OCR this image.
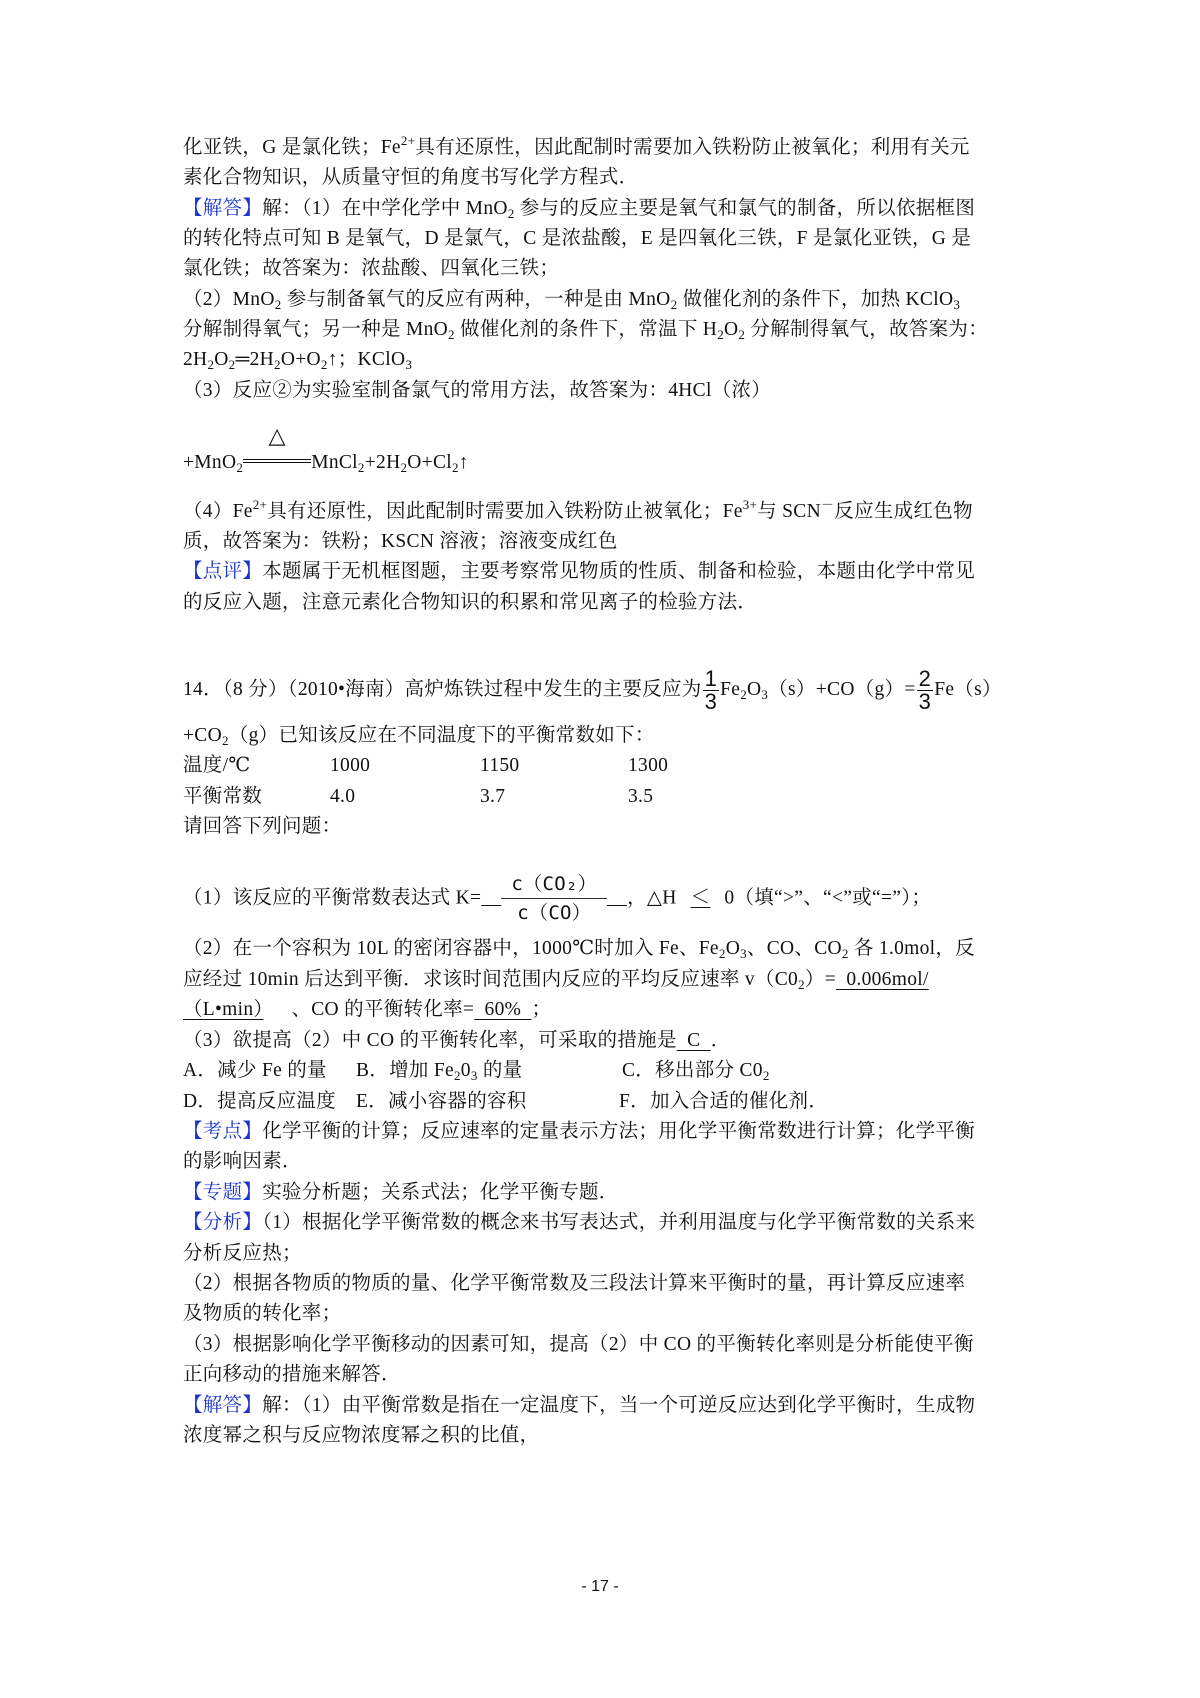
化亚铁，G 是氯化铁；$Fe^{2+}$具有还原性，因此配制时需要加入铁粉防止被氧化；利用有关元
素化合物知识，从质量守恒的角度书写化学方程式．
【解答】解：（1）在中学化学中 MnO$_2$ 参与的反应主要是氧气和氯气的制备，所以依据框图
的转化特点可知 B 是氧气，D 是氯气，C 是浓盐酸，E 是四氧化三铁，F 是氯化亚铁，G 是
氯化铁；故答案为：浓盐酸、四氧化三铁；
（2）MnO$_2$ 参与制备氧气的反应有两种，一种是由 MnO$_2$ 做催化剂的条件下，加热 KClO$_3$
分解制得氧气；另一种是 MnO$_2$ 做催化剂的条件下，常温下 $H_2O_2$ 分解制得氧气，故答案为：
$2H_2O_2═2H_2O+O_2↑$；KClO$_3$
（3）反应②为实验室制备氯气的常用方法，故答案为：4HCl（浓）
+MnO$_2$
△
$MnCl_2+2H_2O+Cl_2↑$
$(4)Fe^{2+}$具有还原性，因此配制时需要加入铁粉防止被氧化；$Fe^{3+}$与 SCN－反应生成红色物
质，故答案为：铁粉；KSCN 溶液；溶液变成红色
【点评】本题属于无机框图题，主要考察常见物质的性质、制备和检验，本题由化学中常见
的反应入题，注意元素化合物知识的积累和常见离子的检验方法．
14．（8 分）（2010•海南）高炉炼铁过程中发生的主要反应为 $\frac{1}{3} Fe_2O_3(s)+CO(g)= \frac{2}{3} Fe(s)$
$+CO_2(g)$已知该反应在不同温度下的平衡常数如下：
温度/℃	1000	1150	1300
平衡常数	4.0	3.7	3.5
请回答下列问题：
（1）该反应的平衡常数表达式 K=__ $\frac{\text{c（CO₂）}}{c(CO)}$ __，△H ＜ 0（填“>”、“<”或“=”）；
（2）在一个容积为 10L 的密闭容器中，1000℃时加入 Fe、$Fe_2O_3$、CO、$CO_2$ 各 1.0mol，反
应经过 10min 后达到平衡．求该时间范围内反应的平均反应速率 $v(C0_2)= 0.006mol/$
（L•min） 、CO 的平衡转化率=  60%  ；
（3）欲提高（2）中 CO 的平衡转化率，可采取的措施是  C  ．
A．减少 Fe 的量 B．增加 $Fe_20_3$ 的量	C．移出部分 $C0_2$
D．提高反应温度 E．减小容器的容积	F．加入合适的催化剂．
【考点】化学平衡的计算；反应速率的定量表示方法；用化学平衡常数进行计算；化学平衡
的影响因素．
【专题】实验分析题；关系式法；化学平衡专题．
【分析】（1）根据化学平衡常数的概念来书写表达式，并利用温度与化学平衡常数的关系来
分析反应热；
（2）根据各物质的物质的量、化学平衡常数及三段法计算来平衡时的量，再计算反应速率
及物质的转化率；
（3）根据影响化学平衡移动的因素可知，提高（2）中 CO 的平衡转化率则是分析能使平衡
正向移动的措施来解答．
【解答】解：（1）由平衡常数是指在一定温度下，当一个可逆反应达到化学平衡时，生成物
浓度幂之积与反应物浓度幂之积的比值，
- 17 -
